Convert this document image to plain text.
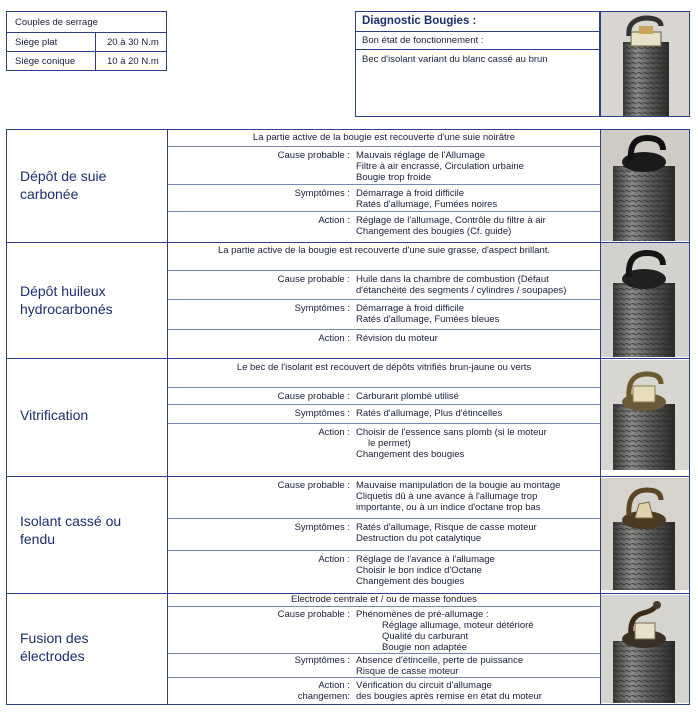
Couples de serrage
Siège plat	20 à 30 N.m
Siège conique	10 à 20 N.m
Diagnostic Bougies :
Bon état de fonctionnement :
Bec d'isolant variant du blanc cassé au brun
Dépôt de suie carbonée
La partie active de la bougie est recouverte d'une suie noirâtre
Cause probable : Mauvais réglage de l'Allumage
Filtre à air encrassé, Circulation urbaine
Bougie trop froide
Symptômes : Démarrage à froid difficile
Ratés d'allumage, Fumées noires
Action : Réglage de l'allumage, Contrôle du filtre à air
Changement des bougies (Cf. guide)
Dépôt huileux hydrocarbonés
La partie active de la bougie est recouverte d'une suie grasse, d'aspect brillant.
Cause probable : Huile dans la chambre de combustion (Défaut
d'étanchéité des segments / cylindres / soupapes)
Symptômes : Démarrage à froid difficile
Ratés d'allumage, Fumées bleues
Action : Révision du moteur
Vitrification
Le bec de l'isolant est recouvert de dépôts vitrifiés brun-jaune ou verts
Cause probable : Carburant plombé utilisé
Symptômes : Ratés d'allumage, Plus d'étincelles
Action : Choisir de l'essence sans plomb (si le moteur
le permet)
Changement des bougies
Isolant cassé ou fendu
Cause probable : Mauvaise manipulation de la bougie au montage
Cliquetis dû à une avance à l'allumage trop
importante, ou à un indice d'octane trop bas
Symptômes : Ratés d'allumage, Risque de casse moteur
Destruction du pot catalytique
Action : Réglage de l'avance à l'allumage
Choisir le bon indice d'Octane
Changement des bougies
Fusion des électrodes
Electrode centrale et / ou de masse fondues
Cause probable : Phénomènes de pré-allumage :
Réglage allumage, moteur détérioré
Qualité du carburant
Bougie non adaptée
Symptômes : Absence d'étincelle, perte de puissance
Risque de casse moteur
Action :
changemen:
Vérification du circuit d'allumage
des bougies après remise en état du moteur
